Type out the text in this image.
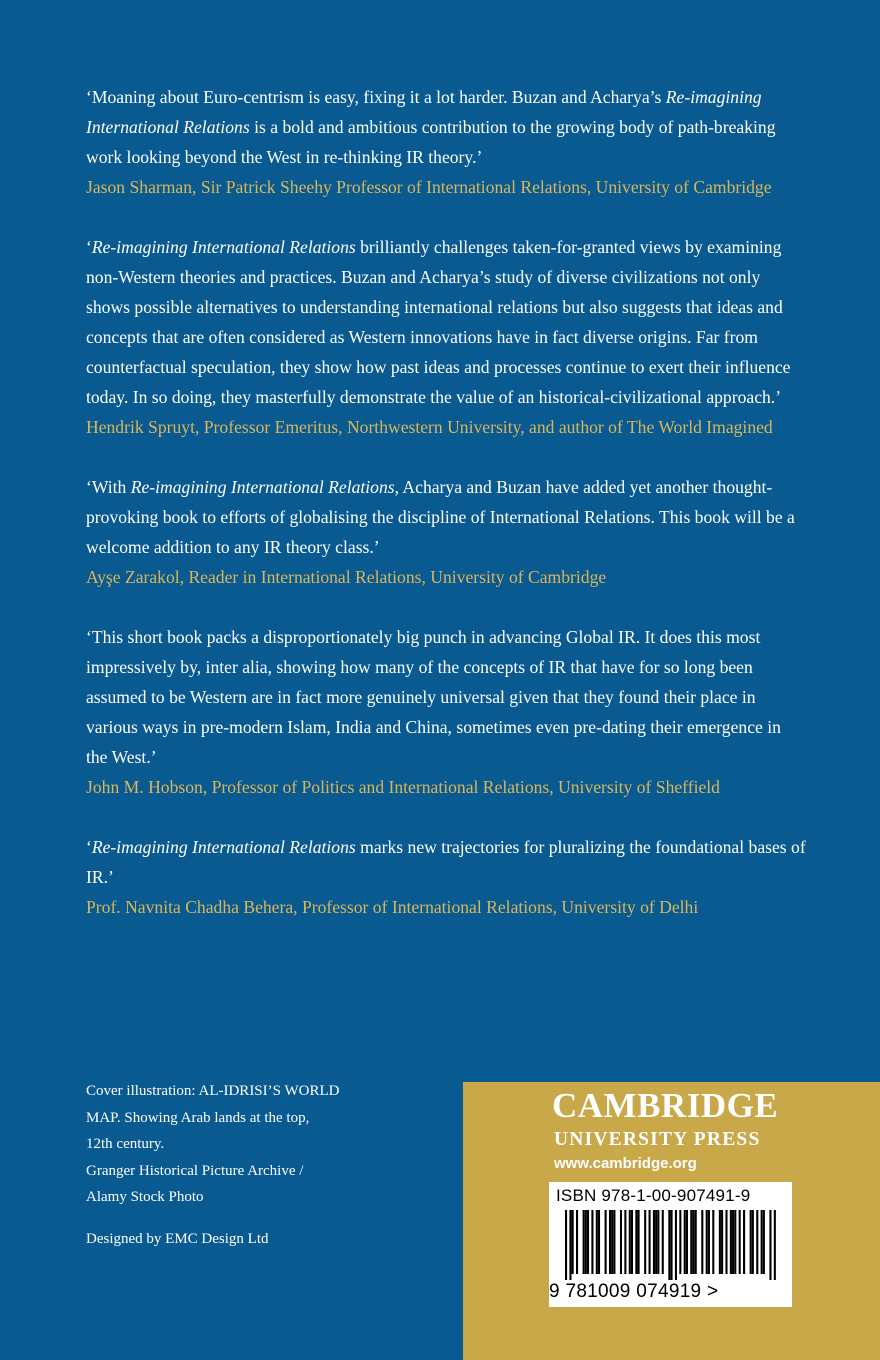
‘Moaning about Euro-centrism is easy, fixing it a lot harder. Buzan and Acharya’s Re-imagining International Relations is a bold and ambitious contribution to the growing body of path-breaking work looking beyond the West in re-thinking IR theory.’

Jason Sharman, Sir Patrick Sheehy Professor of International Relations, University of Cambridge

‘Re-imagining International Relations brilliantly challenges taken-for-granted views by examining non-Western theories and practices. Buzan and Acharya’s study of diverse civilizations not only shows possible alternatives to understanding international relations but also suggests that ideas and concepts that are often considered as Western innovations have in fact diverse origins. Far from counterfactual speculation, they show how past ideas and processes continue to exert their influence today. In so doing, they masterfully demonstrate the value of an historical-civilizational approach.’

Hendrik Spruyt, Professor Emeritus, Northwestern University, and author of The World Imagined

‘With Re-imagining International Relations, Acharya and Buzan have added yet another thought-provoking book to efforts of globalising the discipline of International Relations. This book will be a welcome addition to any IR theory class.’

Ayşe Zarakol, Reader in International Relations, University of Cambridge

‘This short book packs a disproportionately big punch in advancing Global IR. It does this most impressively by, inter alia, showing how many of the concepts of IR that have for so long been assumed to be Western are in fact more genuinely universal given that they found their place in various ways in pre-modern Islam, India and China, sometimes even pre-dating their emergence in the West.’

John M. Hobson, Professor of Politics and International Relations, University of Sheffield

‘Re-imagining International Relations marks new trajectories for pluralizing the foundational bases of IR.’

Prof. Navnita Chadha Behera, Professor of International Relations, University of Delhi
Cover illustration: AL-IDRISI’S WORLD
MAP. Showing Arab lands at the top,
12th century.
Granger Historical Picture Archive /
Alamy Stock Photo
Designed by EMC Design Ltd
CAMBRIDGE
UNIVERSITY PRESS
www.cambridge.org
ISBN 978-1-00-907491-9
9 781009 074919 >
